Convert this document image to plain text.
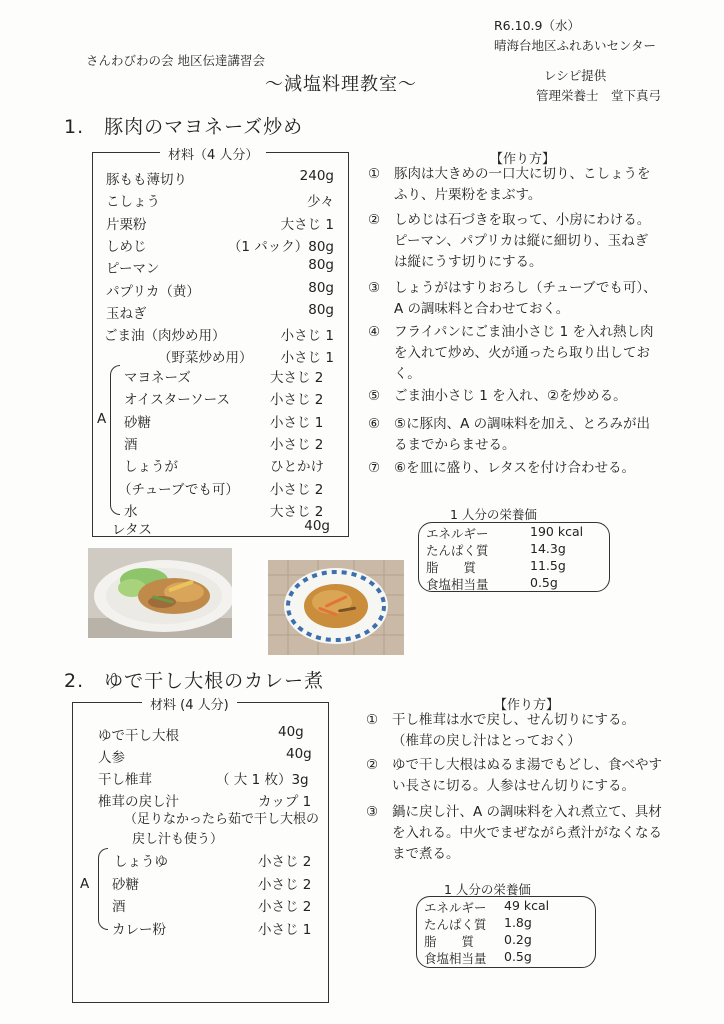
R6.10.9（水）
晴海台地区ふれあいセンター
さんわびわの会 地区伝達講習会
〜減塩料理教室〜	レシピ提供
管理栄養士　堂下真弓
1.　豚肉のマヨネーズ炒め
材料（4 人分）
豚もも薄切り	240g
こしょう	少々
片栗粉	大さじ 1
しめじ	（1 パック）80g
ピーマン	80g
パプリカ（黄）	80g
玉ねぎ	80g
ごま油（肉炒め用）	小さじ 1
（野菜炒め用） 小さじ 1
マヨネーズ	大さじ 2
オイスターソース	小さじ 2
砂糖	小さじ 1
酒	小さじ 2
しょうが	ひとかけ
（チューブでも可） 小さじ 2
水	大さじ 2
レタス	40g
A
【作り方】
① 豚肉は大きめの一口大に切り、こしょうを
ふり、片栗粉をまぶす。
② しめじは石づきを取って、小房にわける。
ピーマン、パプリカは縦に細切り、玉ねぎ
は縦にうす切りにする。
③ しょうがはすりおろし（チューブでも可）、
A の調味料と合わせておく。
④ フライパンにごま油小さじ 1 を入れ熱し肉
を入れて炒め、火が通ったら取り出してお
く。
⑤ ごま油小さじ 1 を入れ、②を炒める。
⑥ ⑤に豚肉、A の調味料を加え、とろみが出
るまでからませる。
⑦ ⑥を皿に盛り、レタスを付け合わせる。
1 人分の栄養価
エネルギー	190 kcal
たんぱく質	14.3g
脂　　質	11.5g
食塩相当量	0.5g
2.　ゆで干し大根のカレー煮
材料 (4 人分)
ゆで干し大根	40g
人参	40g
干し椎茸	（ 大 1 枚）3g
椎茸の戻し汁	カップ 1
（足りなかったら茹で干し大根の
戻し汁も使う）
A
しょうゆ	小さじ 2
砂糖	小さじ 2
酒	小さじ 2
カレー粉	小さじ 1
【作り方】
① 干し椎茸は水で戻し、せん切りにする。
（椎茸の戻し汁はとっておく）
② ゆで干し大根はぬるま湯でもどし、食べやす
い長さに切る。人参はせん切りにする。
③ 鍋に戻し汁、A の調味料を入れ煮立て、具材
を入れる。中火でまぜながら煮汁がなくなる
まで煮る。
1 人分の栄養価
エネルギー 49 kcal
たんぱく質 1.8g
脂　　質 0.2g
食塩相当量 0.5g
